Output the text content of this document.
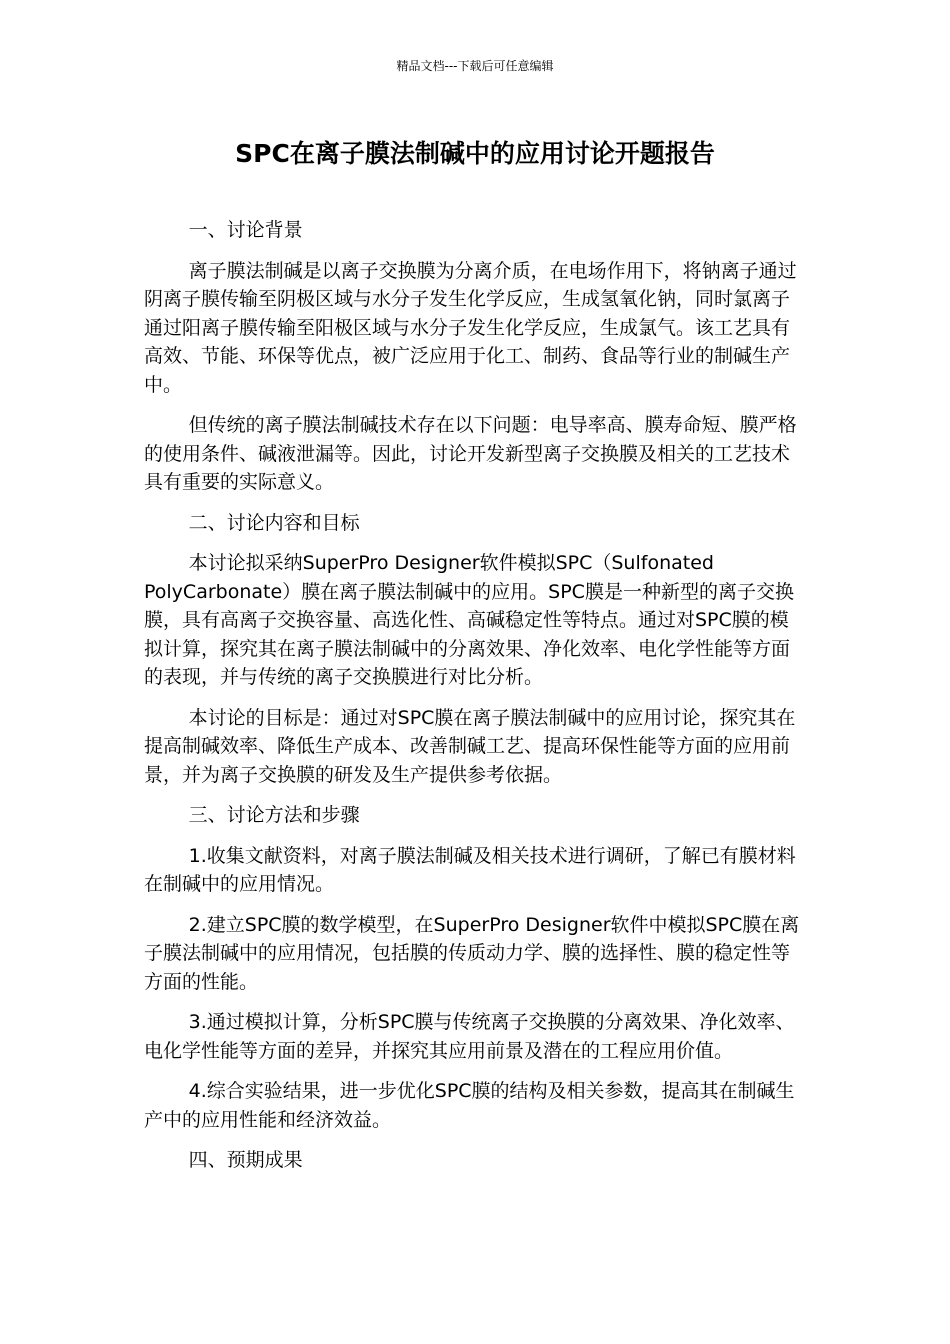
精品文档---下载后可任意编辑
SPC在离子膜法制碱中的应用讨论开题报告

一、讨论背景

离子膜法制碱是以离子交换膜为分离介质，在电场作用下，将钠离子通过阴离子膜传输至阴极区域与水分子发生化学反应，生成氢氧化钠，同时氯离子通过阳离子膜传输至阳极区域与水分子发生化学反应，生成氯气。该工艺具有高效、节能、环保等优点，被广泛应用于化工、制药、食品等行业的制碱生产中。

但传统的离子膜法制碱技术存在以下问题：电导率高、膜寿命短、膜严格的使用条件、碱液泄漏等。因此，讨论开发新型离子交换膜及相关的工艺技术具有重要的实际意义。

二、讨论内容和目标

本讨论拟采纳SuperPro Designer软件模拟SPC（Sulfonated PolyCarbonate）膜在离子膜法制碱中的应用。SPC膜是一种新型的离子交换膜，具有高离子交换容量、高选化性、高碱稳定性等特点。通过对SPC膜的模拟计算，探究其在离子膜法制碱中的分离效果、净化效率、电化学性能等方面的表现，并与传统的离子交换膜进行对比分析。

本讨论的目标是：通过对SPC膜在离子膜法制碱中的应用讨论，探究其在提高制碱效率、降低生产成本、改善制碱工艺、提高环保性能等方面的应用前景，并为离子交换膜的研发及生产提供参考依据。

三、讨论方法和步骤

1.收集文献资料，对离子膜法制碱及相关技术进行调研，了解已有膜材料在制碱中的应用情况。

2.建立SPC膜的数学模型，在SuperPro Designer软件中模拟SPC膜在离子膜法制碱中的应用情况，包括膜的传质动力学、膜的选择性、膜的稳定性等方面的性能。

3.通过模拟计算，分析SPC膜与传统离子交换膜的分离效果、净化效率、电化学性能等方面的差异，并探究其应用前景及潜在的工程应用价值。

4.综合实验结果，进一步优化SPC膜的结构及相关参数，提高其在制碱生产中的应用性能和经济效益。

四、预期成果
